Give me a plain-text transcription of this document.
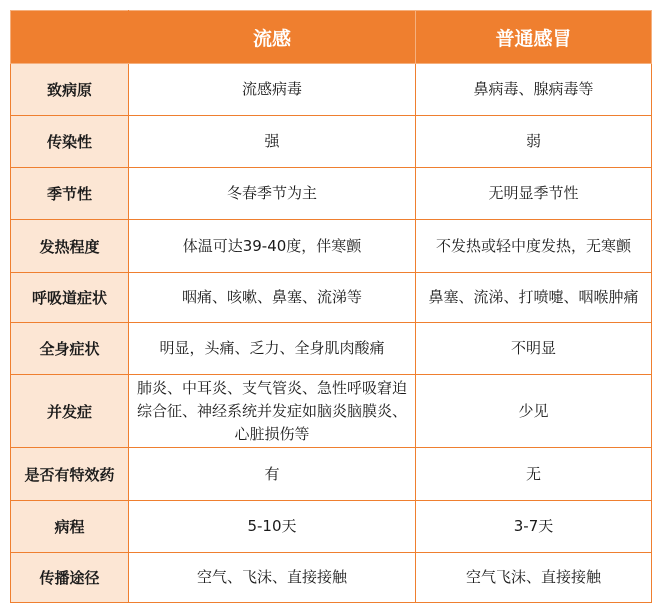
	流感	普通感冒
致病原	流感病毒	鼻病毒、腺病毒等
传染性	强	弱
季节性	冬春季节为主	无明显季节性
发热程度	体温可达39-40度，伴寒颤	不发热或轻中度发热，无寒颤
呼吸道症状	咽痛、咳嗽、鼻塞、流涕等	鼻塞、流涕、打喷嚏、咽喉肿痛
全身症状	明显，头痛、乏力、全身肌肉酸痛	不明显
并发症	肺炎、中耳炎、支气管炎、急性呼吸窘迫综合征、神经系统并发症如脑炎脑膜炎、心脏损伤等	少见
是否有特效药	有	无
病程	5-10天	3-7天
传播途径	空气、飞沫、直接接触	空气飞沫、直接接触
